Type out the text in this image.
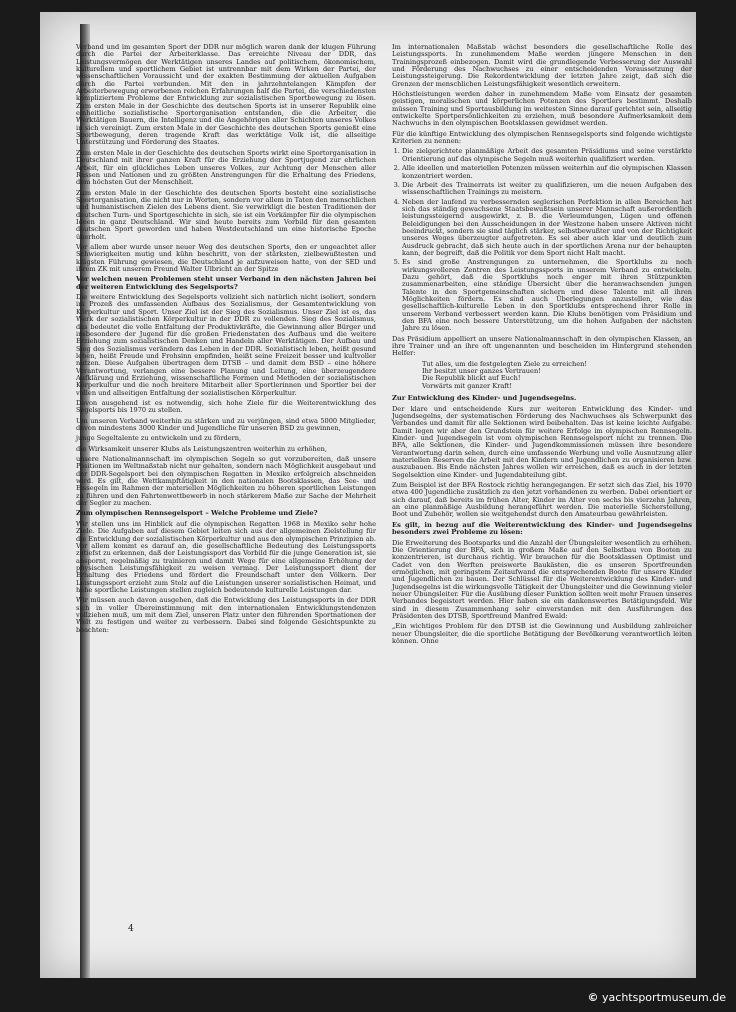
Verband und im gesamten Sport der DDR nur möglich waren dank der klugen Führung durch die Partei der Arbeiterklasse. Das erreichte Niveau der DDR, das Leistungsvermögen der Werktätigen unseres Landes auf politischem, ökonomischem, kulturellem und sportlichem Gebiet ist untrennbar mit dem Wirken der Partei, der wissenschaftlichen Voraussicht und der exakten Bestimmung der aktuellen Aufgaben durch die Partei verbunden. Mit den in jahrzehntelangen Kämpfen der Arbeiterbewegung erworbenen reichen Erfahrungen half die Partei, die verschiedensten kompliziertem Probleme der Entwicklung zur sozialistischen Sportbewegung zu lösen. Zum ersten Male in der Geschichte des deutschen Sports ist in unserer Republik eine einheitliche sozialistische Sportorganisation entstanden, die die Arbeiter, die Werktätigen Bauern, die Intelligenz und die Angehörigen aller Schichten unseres Volkes in sich vereinigt. Zum ersten Male in der Geschichte des deutschen Sports genießt eine Sportbewegung, deren tragende Kraft das werktätige Volk ist, die allseitige Unterstützung und Förderung des Staates.

Zum ersten Male in der Geschichte des deutschen Sports wirkt eine Sportorganisation in Deutschland mit ihrer ganzen Kraft für die Erziehung der Sportjugend zur ehrlichen Arbeit, für ein glückliches Leben unseres Volkes, zur Achtung der Menschen aller Rassen und Nationen und zu größten Anstrengungen für die Erhaltung des Friedens, dem höchsten Gut der Menschheit.

Zum ersten Male in der Geschichte des deutschen Sports besteht eine sozialistische Sportorganisation, die nicht nur in Worten, sondern vor allem in Taten den menschlichen und humanistischen Zielen des Lebens dient. Sie verwirkligt die besten Traditionen der deutschen Turn- und Sportgeschichte in sich, sie ist ein Vorkämpfer für die olympischen Ideen in ganz Deutschland. Wir sind heute bereits zum Vorbild für den gesamten deutschen Sport geworden und haben Westdeutschland um eine historische Epoche überholt.

Vor allem aber wurde unser neuer Weg des deutschen Sports, den er ungeachtet aller Schwierigkeiten mutig und kühn beschritt, von der stärksten, zielbewußtesten und klügsten Führung gewiesen, die Deutschland je aufzuweisen hatte, von der SED und ihrem ZK mit unserem Freund Walter Ulbricht an der Spitze

Vor welchen neuen Problemen steht unser Verband in den nächsten Jahren bei der weiteren Entwicklung des Segelsports?

Die weitere Entwicklung des Segelsports vollzieht sich natürlich nicht isoliert, sondern im Prozeß des umfassenden Aufbaus des Sozialismus, der Gesamtentwicklung von Körperkultur und Sport. Unser Ziel ist der Sieg des Sozialismus. Unser Ziel ist es, das Werk der sozialistischen Körperkultur in der DDR zu vollenden. Sieg des Sozialismus, das bedeutet die volle Entfaltung der Produktivkräfte, die Gewinnung aller Bürger und insbesondere der Jugend für die großen Friedenstaten des Aufbaus und die weitere Erziehung zum sozialistischen Denken und Handeln aller Werktätigen. Der Aufbau und Sieg des Sozialismus verändern das Leben in der DDR. Sozialistisch leben, heißt gesund leben, heißt Freude und Frohsinn empfinden, heißt seine Freizeit besser und kultvoller nutzen. Diese Aufgaben übertragen dem DTSB – und damit dem BSD – eine höhere Verantwortung, verlangen eine bessere Planung und Leitung, eine überzeugendere Aufklärung und Erziehung, wissenschaftliche Formen und Methoden der sozialistischen Körperkultur und die noch breitere Mitarbeit aller Sportlerinnen und Sportler bei der vollen und allseitigen Entfaltung der sozialistischen Körperkultur.

Davon ausgehend ist es notwendig, sich hohe Ziele für die Weiterentwicklung des Segelsports bis 1970 zu stellen.

Um unseren Verband weiterhin zu stärken und zu verjüngen, sind etwa 5000 Mitglieder, davon mindestens 3000 Kinder und Jugendliche für unseren BSD zu gewinnen,

junge Segeltalente zu entwickeln und zu fördern,

die Wirksamkeit unserer Klubs als Leistungszentren weiterhin zu erhöhen,

unsere Nationalmannschaft im olympischen Segeln so gut vorzubereiten, daß unsere Positionen im Weltmaßstab nicht nur gehalten, sondern nach Möglichkeit ausgebaut und der DDR-Segelsport bei den olympischen Regatten in Mexiko erfolgreich abschneiden wird. Es gilt, die Wettkampftätigkeit in den nationalen Bootsklassen, das See- und Eissegeln im Rahmen der materiellen Möglichkeiten zu höheren sportlichen Leistungen zu führen und den Fahrtenwettbewerb in noch stärkerem Maße zur Sache der Mehrheit der Segler zu machen.

Zum olympischen Rennsegelsport – Welche Probleme und Ziele?

Wir stellen uns im Hinblick auf die olympischen Regatten 1968 in Mexiko sehr hohe Ziele. Die Aufgaben auf diesem Gebiet leiten sich aus der allgemeinen Zielstellung für die Entwicklung der sozialistischen Körperkultur und aus den olympischen Prinzipien ab. Vor allem kommt es darauf an, die gesellschaftliche Bedeutung des Leistungssports zutiefst zu erkennen, daß der Leistungssport das Vorbild für die junge Generation ist, sie anspornt, regelmäßig zu trainieren und damit Wege für eine allgemeine Erhöhung der physischen Leistungsfähigkeit zu weisen vermag. Der Leistungssport dient der Erhaltung des Friedens und fördert die Freundschaft unter den Völkern. Der Leistungssport erzieht zum Stolz auf die Leistungen unserer sozialistischen Heimat, und hohe sportliche Leistungen stellen zugleich bedeutende kulturelle Leistungen dar.

Wir müssen auch davon ausgehen, daß die Entwicklung des Leistungssports in der DDR sich in voller Übereinstimmung mit den internationalen Entwicklungstendenzen vollziehen muß, um mit dem Ziel, unseren Platz unter den führenden Sportnationen der Welt zu festigen und weiter zu verbessern. Dabei sind folgende Gesichtspunkte zu beachten:

Im internationalen Maßstab wächst besonders die gesellschaftliche Rolle des Leistungssports. In zunehmendem Maße werden jüngere Menschen in den Trainingsprozeß einbezogen. Damit wird die grundlegende Verbesserung der Auswahl und Förderung des Nachwuchses zu einer entscheidenden Voraussetzung der Leistungssteigerung. Die Rekordentwicklung der letzten Jahre zeigt, daß sich die Grenzen der menschlichen Leistungsfähigkeit wesentlich erweitern.

Höchstleistungen werden daher in zunehmendem Maße vom Einsatz der gesamten geistigen, moralischen und körperlichen Potenzen des Sportlers bestimmt. Deshalb müssen Training und Sportausbildung im weitesten Sinne darauf gerichtet sein, allseitig entwickelte Sportpersönlichkeiten zu erziehen, muß besondere Aufmerksamkeit dem Nachwuchs in den olympischen Bootsklassen gewidmet werden.

Für die künftige Entwicklung des olympischen Rennsegelsports sind folgende wichtigste Kriterien zu nennen:

1. Die zielgerichtete planmäßige Arbeit des gesamten Präsidiums und seine verstärkte Orientierung auf das olympische Segeln muß weiterhin qualifiziert werden.
2. Alle ideellen und materiellen Potenzen müssen weiterhin auf die olympischen Klassen konzentriert werden.
3. Die Arbeit des Trainerrats ist weiter zu qualifizieren, um die neuen Aufgaben des wissenschaftlichen Trainings zu meistern.
4. Neben der laufend zu verbessernden seglerischen Perfektion in allen Bereichen hat sich das ständig gewachsene Staatsbewußtsein unserer Mannschaft außerordentlich leistungssteigernd ausgewirkt, z. B. die Verleumdungen, Lügen und offenen Beleidigungen bei den Ausscheidungen in der Westzone haben unsere Aktiven nicht beeindruckt, sondern sie sind täglich stärker, selbstbewußter und von der Richtigkeit unseres Weges überzeugter aufgetreten. Es sei aber auch klar und deutlich zum Ausdruck gebracht, daß sich heute auch in der sportlichen Arena nur der behaupten kann, der begreift, daß die Politik vor dem Sport nicht Halt macht.
5. Es sind große Anstrengungen zu unternehmen, die Sportklubs zu noch wirkungsvolleren Zentren des Leistungssports in unserem Verband zu entwickeln. Dazu gehört, daß die Sportklubs noch enger mit ihren Stützpunkten zusammenarbeiten, eine ständige Übersicht über die heranwachsenden jungen Talente in den Sportgemeinschaften sichern und diese Talente mit all ihren Möglichkeiten fördern. Es sind auch Überlegungen anzustellen, wie das gesellschaftlich-kulturelle Leben in den Sportklubs entsprechend ihrer Rolle in unserem Verband verbessert werden kann. Die Klubs benötigen vom Präsidium und den BFA eine noch bessere Unterstützung, um die hohen Aufgaben der nächsten Jahre zu lösen.

Das Präsidium appelliert an unsere Nationalmannschaft in den olympischen Klassen, an ihre Trainer und an ihre oft ungenannten und bescheiden im Hintergrund stehenden Helfer:

Tut alles, um die festgelegten Ziele zu erreichen!
Ihr besitzt unser ganzes Vertrauen!
Die Republik blickt auf Euch!
Vorwärts mit ganzer Kraft!
Zur Entwicklung des Kinder- und Jugendsegelns.

Der klare und entscheidende Kurs zur weiteren Entwicklung des Kinder- und Jugendsegelns, der systematischen Förderung des Nachwuchses als Schwerpunkt des Verbandes und damit für alle Sektionen wird beibehalten. Das ist keine leichte Aufgabe. Damit legen wir aber den Grundstein für weitere Erfolge im olympischen Rennsegeln. Kinder- und Jugendsegeln ist vom olympischen Rennsegelsport nicht zu trennen. Die BFA, alle Sektionen, die Kinder- und Jugendkommissionen müssen ihre besondere Verantwortung darin sehen, durch eine umfassende Werbung und volle Ausnutzung aller materiellen Reserven die Arbeit mit den Kindern und Jugendlichen zu organisieren bzw. auszubauen. Bis Ende nächsten Jahres wollen wir erreichen, daß es auch in der letzten Segelsektion eine Kinder- und Jugendabteilung gibt.

Zum Beispiel ist der BFA Rostock richtig herangegangen. Er setzt sich das Ziel, bis 1970 etwa 400 Jugendliche zusätzlich zu den jetzt vorhandenen zu werben. Dabei orientiert er sich darauf, daß bereits im frühen Alter, Kinder im Alter von sechs bis vierzehn Jahren, an eine planmäßige Ausbildung herangeführt werden. Die materielle Sicherstellung, Boot und Zubehör, wollen sie weitgehendst durch den Amateurbau gewährleisten.

Es gilt, in bezug auf die Weiterentwicklung des Kinder- und Jugendsegelns besonders zwei Probleme zu lösen:

Die Erweiterung des Bootsparks und die Anzahl der Übungsleiter wesentlich zu erhöhen. Die Orientierung der BFA, sich in großem Maße auf den Selbstbau von Booten zu konzentrieren, ist durchaus richtig. Wir brauchen für die Bootsklassen Optimist und Cadet von den Werften preiswerte Baukästen, die es unseren Sportfreunden ermöglichen, mit geringstem Zeitaufwand die entsprechenden Boote für unsere Kinder und Jugendlichen zu bauen. Der Schlüssel für die Weiterentwicklung des Kinder- und Jugendsegelns ist die wirkungsvolle Tätigkeit der Übungsleiter und die Gewinnung vieler neuer Übungsleiter. Für die Ausübung dieser Funktion sollten weit mehr Frauen unseres Verbandes begeistert werden. Hier haben sie ein dankenswertes Betätigungsfeld. Wir sind in diesem Zusammenhang sehr einverstanden mit den Ausführungen des Präsidenten des DTSB, Sportfreund Manfred Ewald:

„Ein wichtiges Problem für den DTSB ist die Gewinnung und Ausbildung zahlreicher neuer Übungsleiter, die die sportliche Betätigung der Bevölkerung verantwortlich leiten können. Ohne

4
© yachtsportmuseum.de
